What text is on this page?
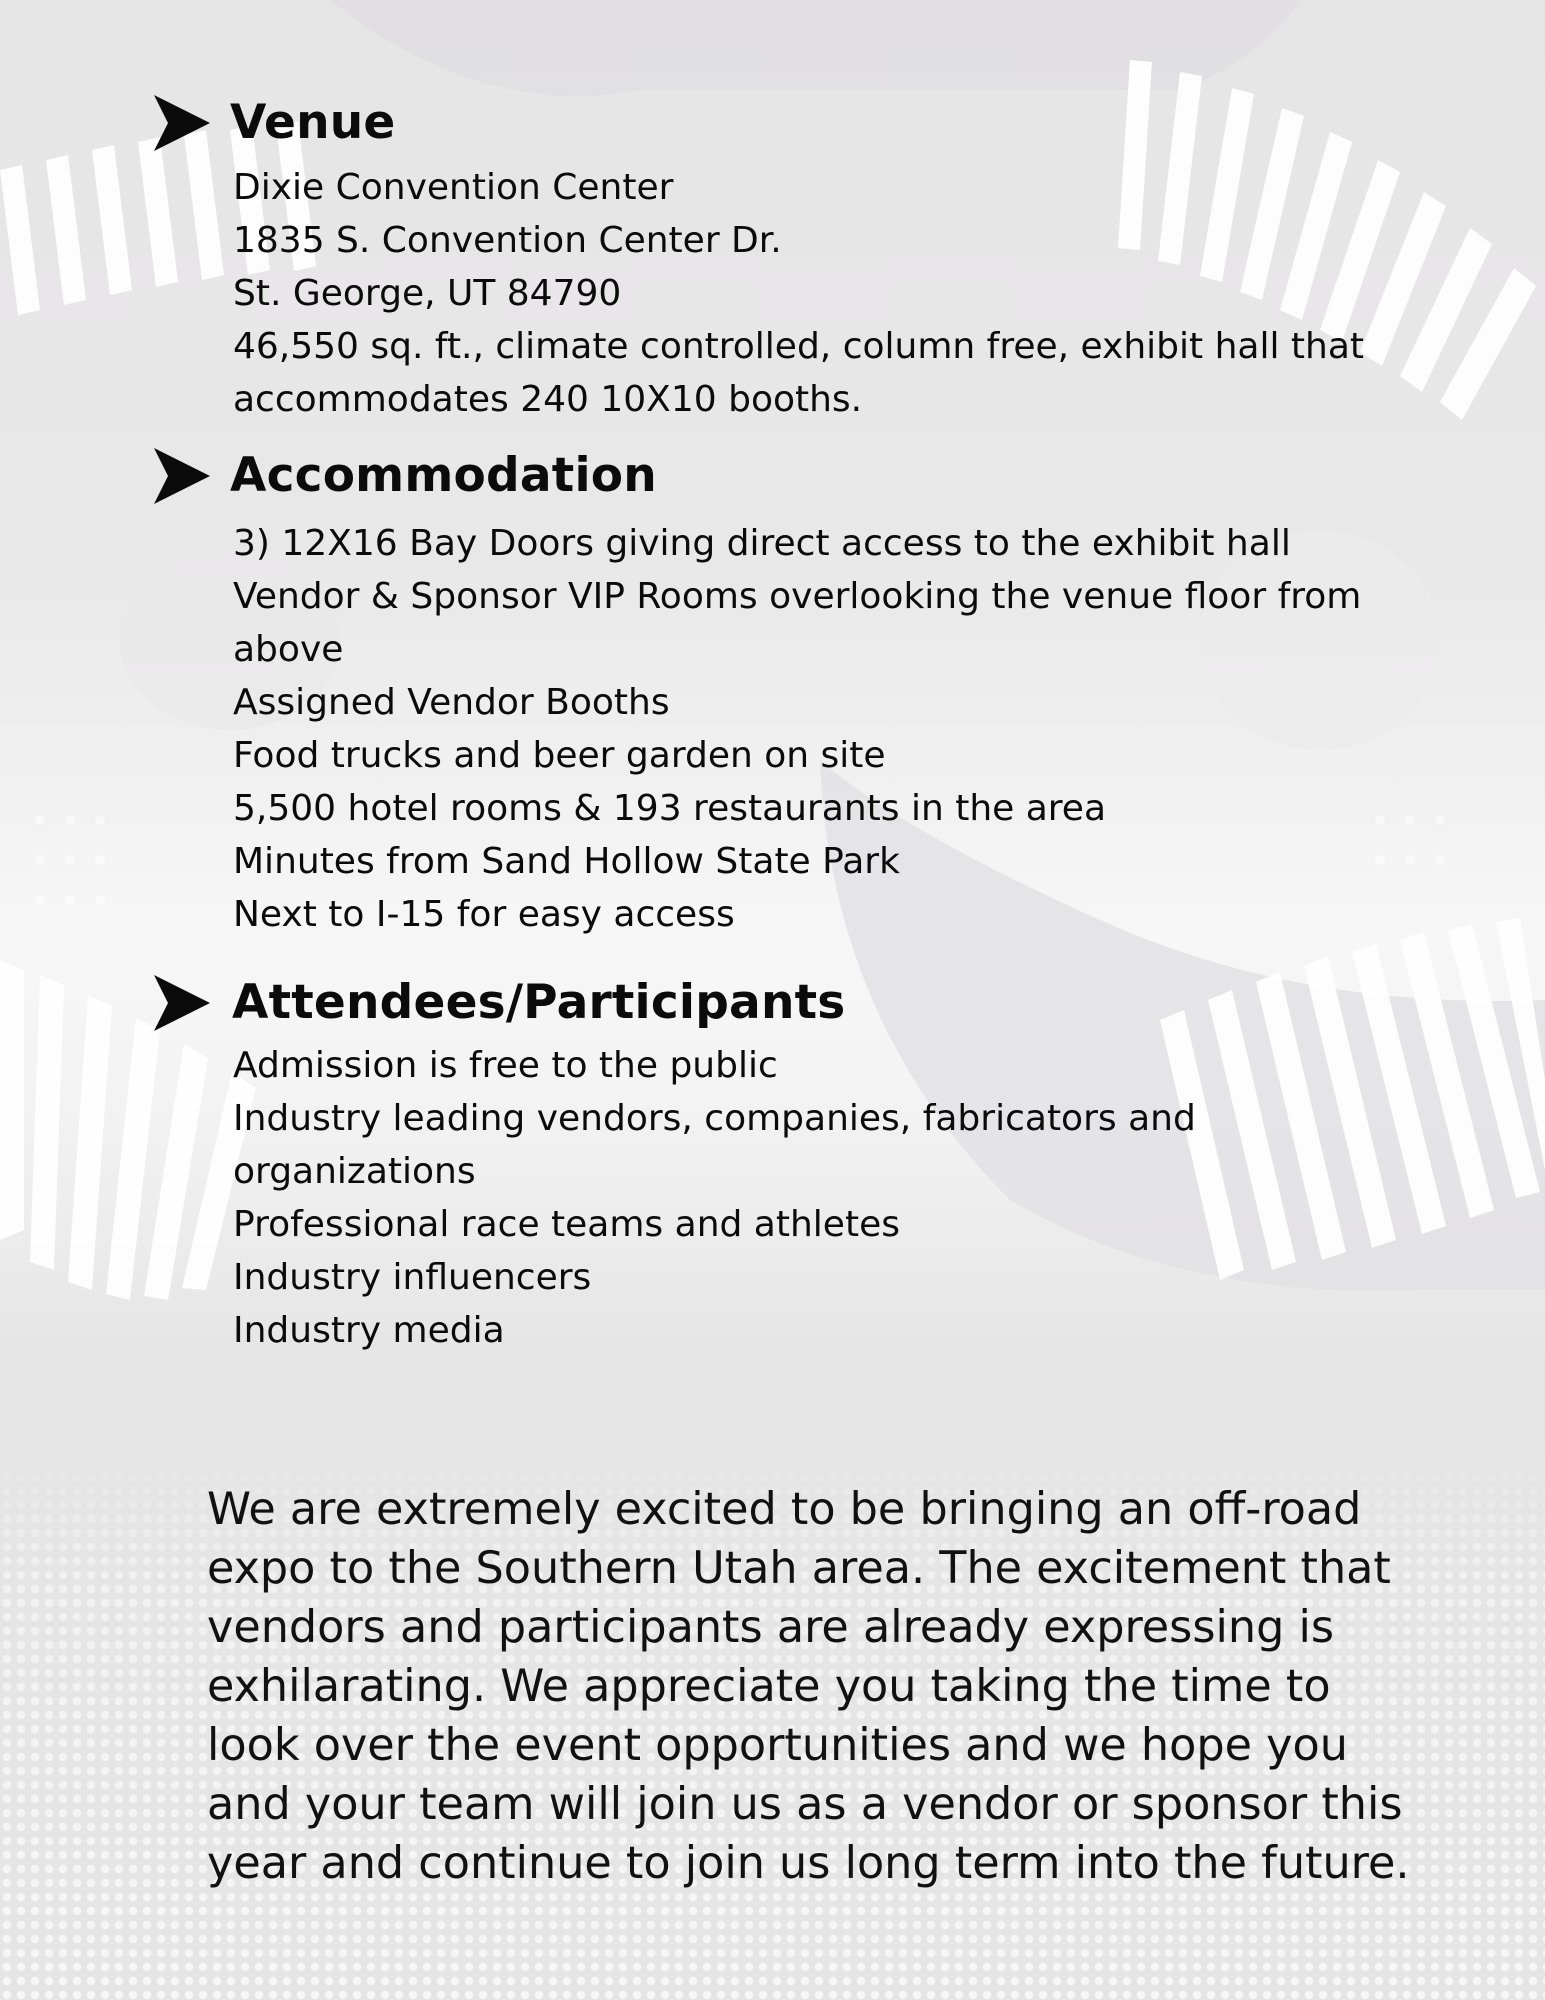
Venue
Dixie Convention Center
1835 S. Convention Center Dr.
St. George, UT 84790
46,550 sq. ft., climate controlled, column free, exhibit hall that
accommodates 240 10X10 booths.
Accommodation
3) 12X16 Bay Doors giving direct access to the exhibit hall
Vendor & Sponsor VIP Rooms overlooking the venue floor from
above
Assigned Vendor Booths
Food trucks and beer garden on site
5,500 hotel rooms & 193 restaurants in the area
Minutes from Sand Hollow State Park
Next to I-15 for easy access
Attendees/Participants
Admission is free to the public
Industry leading vendors, companies, fabricators and
organizations
Professional race teams and athletes
Industry influencers
Industry media
We are extremely excited to be bringing an off-road
expo to the Southern Utah area. The excitement that
vendors and participants are already expressing is
exhilarating. We appreciate you taking the time to
look over the event opportunities and we hope you
and your team will join us as a vendor or sponsor this
year and continue to join us long term into the future.
